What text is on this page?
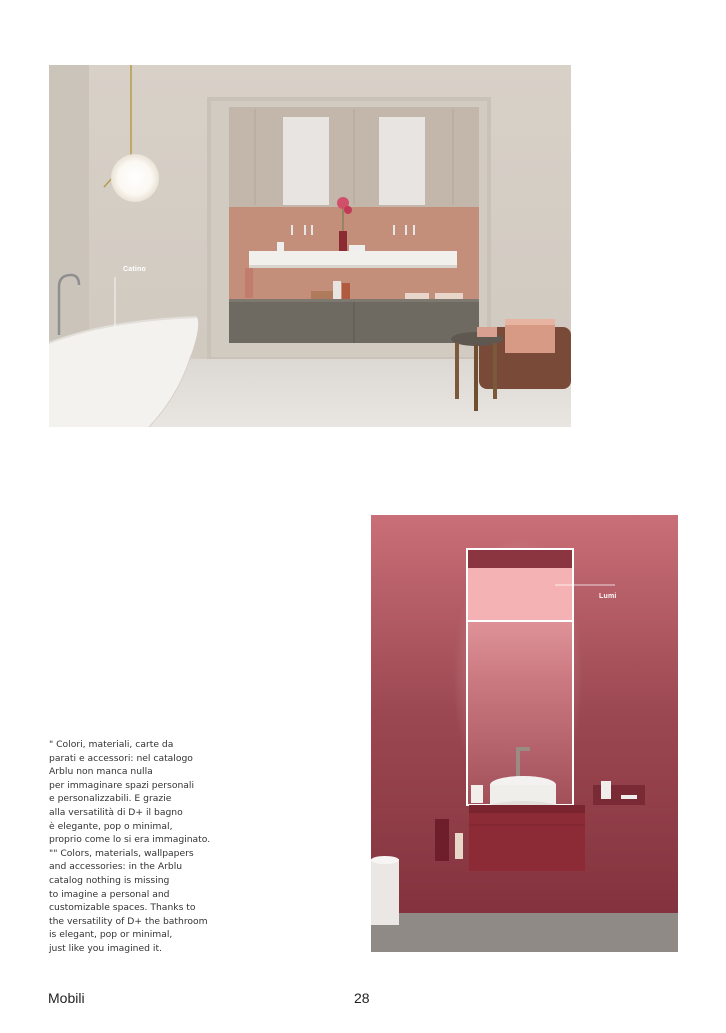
Catino
Lumi
" Colori, materiali, carte da
parati e accessori: nel catalogo
Arblu non manca nulla
per immaginare spazi personali
e personalizzabili. E grazie
alla versatilità di D+ il bagno
è elegante, pop o minimal,
proprio come lo si era immaginato.
"" Colors, materials, wallpapers
and accessories: in the Arblu
catalog nothing is missing
to imagine a personal and
customizable spaces. Thanks to
the versatility of D+ the bathroom
is elegant, pop or minimal,
just like you imagined it.
Mobili	28
